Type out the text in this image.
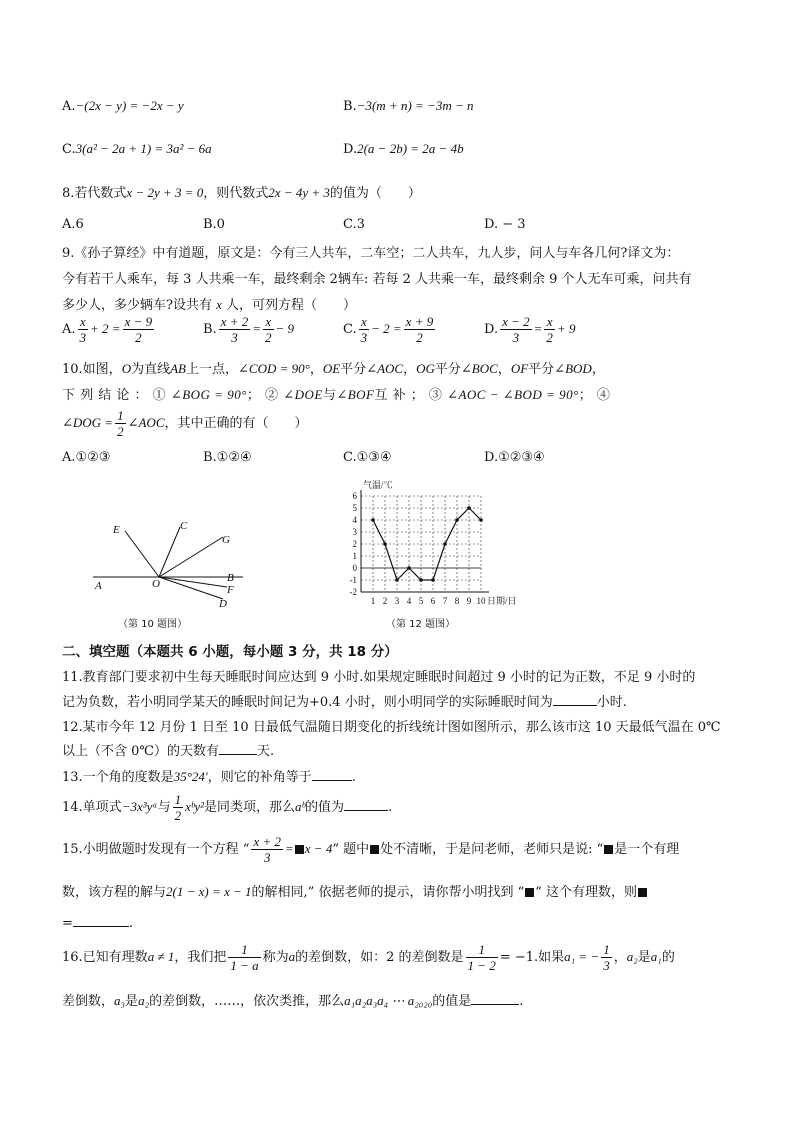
A.−(2x − y) = −2x − y	B.−3(m + n) = −3m − n
C.3(a² − 2a + 1) = 3a² − 6a	D.2(a − 2b) = 2a − 4b
8.若代数式x − 2y + 3 = 0，则代数式2x − 4y + 3的值为（　　）
A.6	B.0	C.3	D. − 3
9.《孙子算经》中有道题，原文是：今有三人共车，二车空；二人共车，九人步，问人与车各几何?译文为：
今有若干人乘车，每 3 人共乘一车，最终剩余 2辆车: 若每 2 人共乘一车，最终剩余 9 个人无车可乘，问共有
多少人，多少辆车?设共有 x 人，可列方程（　　）
A. $\frac{x}{3} + 2 = \frac{x - 9}{2}$	B. $\frac{x + 2}{3} = \frac{x}{2} - 9$	C. $\frac{x}{3} - 2 = \frac{x + 9}{2}$	D. $\frac{x - 2}{3} = \frac{x}{2} + 9$
10.如图，O为直线AB上一点，∠COD = 90°，OE平分∠AOC，OG平分∠BOC，OF平分∠BOD，
下 列 结 论 ： ① ∠BOG = 90°； ② ∠DOE与∠BOF互 补 ； ③ ∠AOC − ∠BOD = 90°； ④
∠DOG = $\frac{1}{2}$ ∠AOC，其中正确的有（　　）
A.①②③	B.①②④	C.①③④	D.①②③④
E	C
G
A	O	B
F
D
（第 10 题图）
-2
-1
0
1
2
3
4
5
6
1 2 3 4 5 6 7 8 9 10
气温/℃
日期/日
（第 12 题图）
二、填空题（本题共 6 小题，每小题 3 分，共 18 分）
11.教育部门要求初中生每天睡眠时间应达到 9 小时.如果规定睡眠时间超过 9 小时的记为正数，不足 9 小时的
记为负数，若小明同学某天的睡眠时间记为+0.4 小时，则小明同学的实际睡眠时间为	小时.
12.某市今年 12 月份 1 日至 10 日最低气温随日期变化的折线统计图如图所示，那么该市这 10 天最低气温在 0℃
以上（不含 0℃）的天数有	天.
13.一个角的度数是35°24′，则它的补角等于	.
14.单项式−3x³yᵃ与 $\frac{1}{2}$ xᵇy²是同类项，那么aᵇ的值为	.
15.小明做题时发现有一个方程 “ $\frac{x + 2}{3} = x - 4$” 题中 处不清晰，于是问老师，老师只是说: “ 是一个有理
数，该方程的解与2(1 − x) = x − 1的解相同,” 依据老师的提示，请你帮小明找到 “ ” 这个有理数，则
=	.
16.已知有理数a ≠ 1，我们把 $\frac{1}{1 - a}$ 称为a的差倒数，如：2 的差倒数是 $\frac{1}{1 - 2} = -1$.如果a₁ = − $\frac{1}{3}$ ，a₂是a₁的
差倒数，a₃是a₂的差倒数，……，依次类推，那么a₁a₂a₃a₄ ⋯ a₂₀₂₀的值是	.
